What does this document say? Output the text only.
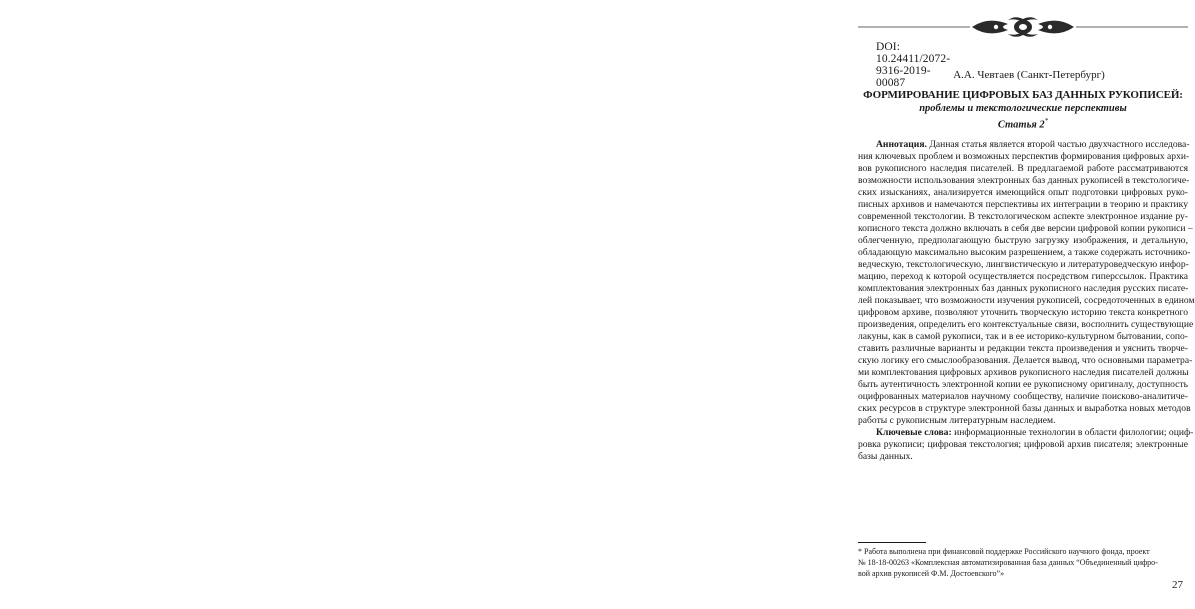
DOI: 10.24411/2072-9316-2019-00087
А.А. Чевтаев (Санкт-Петербург)
ФОРМИРОВАНИЕ ЦИФРОВЫХ БАЗ ДАННЫХ РУКОПИСЕЙ:
проблемы и текстологические перспективы
Статья 2*
Аннотация. Данная статья является второй частью двухчастного исследова-
ния ключевых проблем и возможных перспектив формирования цифровых архи-
вов рукописного наследия писателей. В предлагаемой работе рассматриваются
возможности использования электронных баз данных рукописей в текстологиче-
ских изысканиях, анализируется имеющийся опыт подготовки цифровых руко-
писных архивов и намечаются перспективы их интеграции в теорию и практику
современной текстологии. В текстологическом аспекте электронное издание ру-
кописного текста должно включать в себя две версии цифровой копии рукописи –
облегченную, предполагающую быструю загрузку изображения, и детальную,
обладающую максимально высоким разрешением, а также содержать источнико-
ведческую, текстологическую, лингвистическую и литературоведческую инфор-
мацию, переход к которой осуществляется посредством гиперссылок. Практика
комплектования электронных баз данных рукописного наследия русских писате-
лей показывает, что возможности изучения рукописей, сосредоточенных в едином
цифровом архиве, позволяют уточнить творческую историю текста конкретного
произведения, определить его контекстуальные связи, восполнить существующие
лакуны, как в самой рукописи, так и в ее историко-культурном бытовании, сопо-
ставить различные варианты и редакции текста произведения и уяснить творче-
скую логику его смыслообразования. Делается вывод, что основными параметра-
ми комплектования цифровых архивов рукописного наследия писателей должны
быть аутентичность электронной копии ее рукописному оригиналу, доступность
оцифрованных материалов научному сообществу, наличие поисково-аналитиче-
ских ресурсов в структуре электронной базы данных и выработка новых методов
работы с рукописным литературным наследием.
Ключевые слова: информационные технологии в области филологии; оциф-
ровка рукописи; цифровая текстология; цифровой архив писателя; электронные
базы данных.
* Работа выполнена при финансовой поддержке Российского научного фонда, проект
№ 18-18-00263 «Комплексная автоматизированная база данных “Объединенный цифро-
вой архив рукописей Ф.М. Достоевского”»
27
